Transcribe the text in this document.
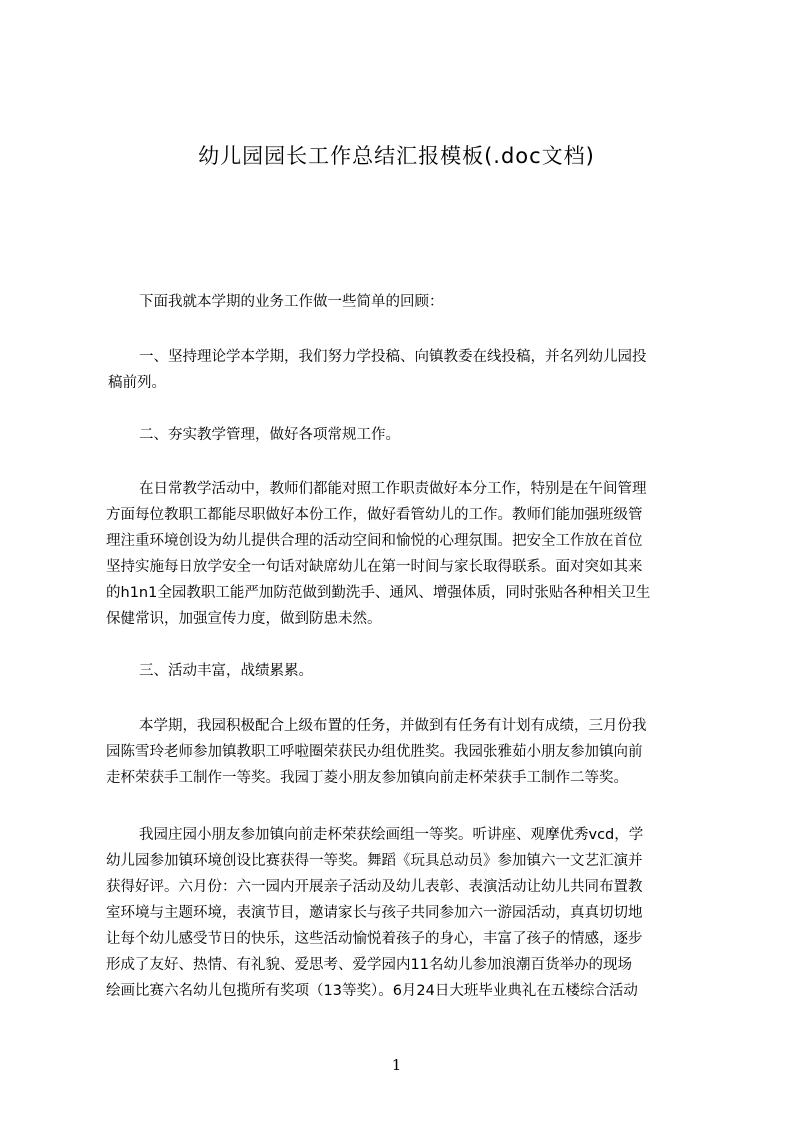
幼儿园园长工作总结汇报模板(.doc文档)
下面我就本学期的业务工作做一些简单的回顾：
一、坚持理论学本学期，我们努力学投稿、向镇教委在线投稿，并名列幼儿园投
稿前列。
二、夯实教学管理，做好各项常规工作。
在日常教学活动中，教师们都能对照工作职责做好本分工作，特别是在午间管理
方面每位教职工都能尽职做好本份工作，做好看管幼儿的工作。教师们能加强班级管
理注重环境创设为幼儿提供合理的活动空间和愉悦的心理氛围。把安全工作放在首位
坚持实施每日放学安全一句话对缺席幼儿在第一时间与家长取得联系。面对突如其来
的h1n1全园教职工能严加防范做到勤洗手、通风、增强体质，同时张贴各种相关卫生
保健常识，加强宣传力度，做到防患未然。
三、活动丰富，战绩累累。
本学期，我园积极配合上级布置的任务，并做到有任务有计划有成绩，三月份我
园陈雪玲老师参加镇教职工呼啦圈荣获民办组优胜奖。我园张雅茹小朋友参加镇向前
走杯荣获手工制作一等奖。我园丁菱小朋友参加镇向前走杯荣获手工制作二等奖。
我园庄园小朋友参加镇向前走杯荣获绘画组一等奖。听讲座、观摩优秀vcd，学
幼儿园参加镇环境创设比赛获得一等奖。舞蹈《玩具总动员》参加镇六一文艺汇演并
获得好评。六月份：六一园内开展亲子活动及幼儿表彰、表演活动让幼儿共同布置教
室环境与主题环境，表演节目，邀请家长与孩子共同参加六一游园活动，真真切切地
让每个幼儿感受节日的快乐，这些活动愉悦着孩子的身心，丰富了孩子的情感，逐步
形成了友好、热情、有礼貌、爱思考、爱学园内11名幼儿参加浪潮百货举办的现场
绘画比赛六名幼儿包揽所有奖项（13等奖）。6月24日大班毕业典礼在五楼综合活动
1
